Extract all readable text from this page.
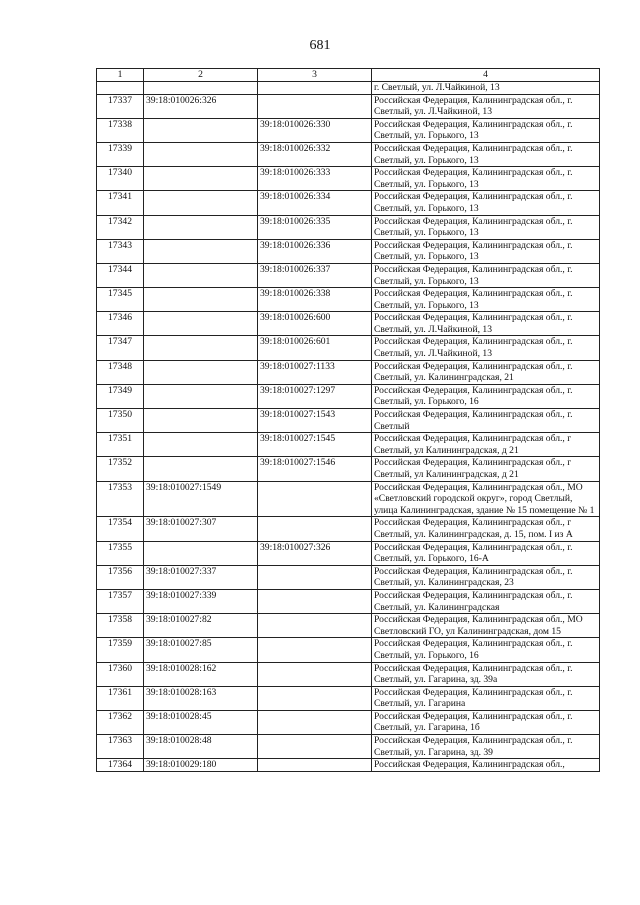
681
1	2	3	4
			г. Светлый, ул. Л.Чайкиной, 13
17337	39:18:010026:326		Российская Федерация, Калининградская обл., г. Светлый, ул. Л.Чайкиной, 13
17338		39:18:010026:330	Российская Федерация, Калининградская обл., г. Светлый, ул. Горького, 13
17339		39:18:010026:332	Российская Федерация, Калининградская обл., г. Светлый, ул. Горького, 13
17340		39:18:010026:333	Российская Федерация, Калининградская обл., г. Светлый, ул. Горького, 13
17341		39:18:010026:334	Российская Федерация, Калининградская обл., г. Светлый, ул. Горького, 13
17342		39:18:010026:335	Российская Федерация, Калининградская обл., г. Светлый, ул. Горького, 13
17343		39:18:010026:336	Российская Федерация, Калининградская обл., г. Светлый, ул. Горького, 13
17344		39:18:010026:337	Российская Федерация, Калининградская обл., г. Светлый, ул. Горького, 13
17345		39:18:010026:338	Российская Федерация, Калининградская обл., г. Светлый, ул. Горького, 13
17346		39:18:010026:600	Российская Федерация, Калининградская обл., г. Светлый, ул. Л.Чайкиной, 13
17347		39:18:010026:601	Российская Федерация, Калининградская обл., г. Светлый, ул. Л.Чайкиной, 13
17348		39:18:010027:1133	Российская Федерация, Калининградская обл., г. Светлый, ул. Калининградская, 21
17349		39:18:010027:1297	Российская Федерация, Калининградская обл., г. Светлый, ул. Горького, 16
17350		39:18:010027:1543	Российская Федерация, Калининградская обл., г. Светлый
17351		39:18:010027:1545	Российская Федерация, Калининградская обл., г Светлый, ул Калининградская, д 21
17352		39:18:010027:1546	Российская Федерация, Калининградская обл., г Светлый, ул Калининградская, д 21
17353	39:18:010027:1549		Российская Федерация, Калининградская обл., МО «Светловский городской округ», город Светлый, улица Калининградская, здание № 15 помещение № 1
17354	39:18:010027:307		Российская Федерация, Калининградская обл., г Светлый, ул. Калининградская, д. 15, пом. I из А
17355		39:18:010027:326	Российская Федерация, Калининградская обл., г. Светлый, ул. Горького, 16-А
17356	39:18:010027:337		Российская Федерация, Калининградская обл., г. Светлый, ул. Калининградская, 23
17357	39:18:010027:339		Российская Федерация, Калининградская обл., г. Светлый, ул. Калининградская
17358	39:18:010027:82		Российская Федерация, Калининградская обл., МО Светловский ГО, ул Калининградская, дом 15
17359	39:18:010027:85		Российская Федерация, Калининградская обл., г. Светлый, ул. Горького, 16
17360	39:18:010028:162		Российская Федерация, Калининградская обл., г. Светлый, ул. Гагарина, зд. 39а
17361	39:18:010028:163		Российская Федерация, Калининградская обл., г. Светлый, ул. Гагарина
17362	39:18:010028:45		Российская Федерация, Калининградская обл., г. Светлый, ул. Гагарина, 1б
17363	39:18:010028:48		Российская Федерация, Калининградская обл., г. Светлый, ул. Гагарина, зд. 39
17364	39:18:010029:180		Российская Федерация, Калининградская обл.,
